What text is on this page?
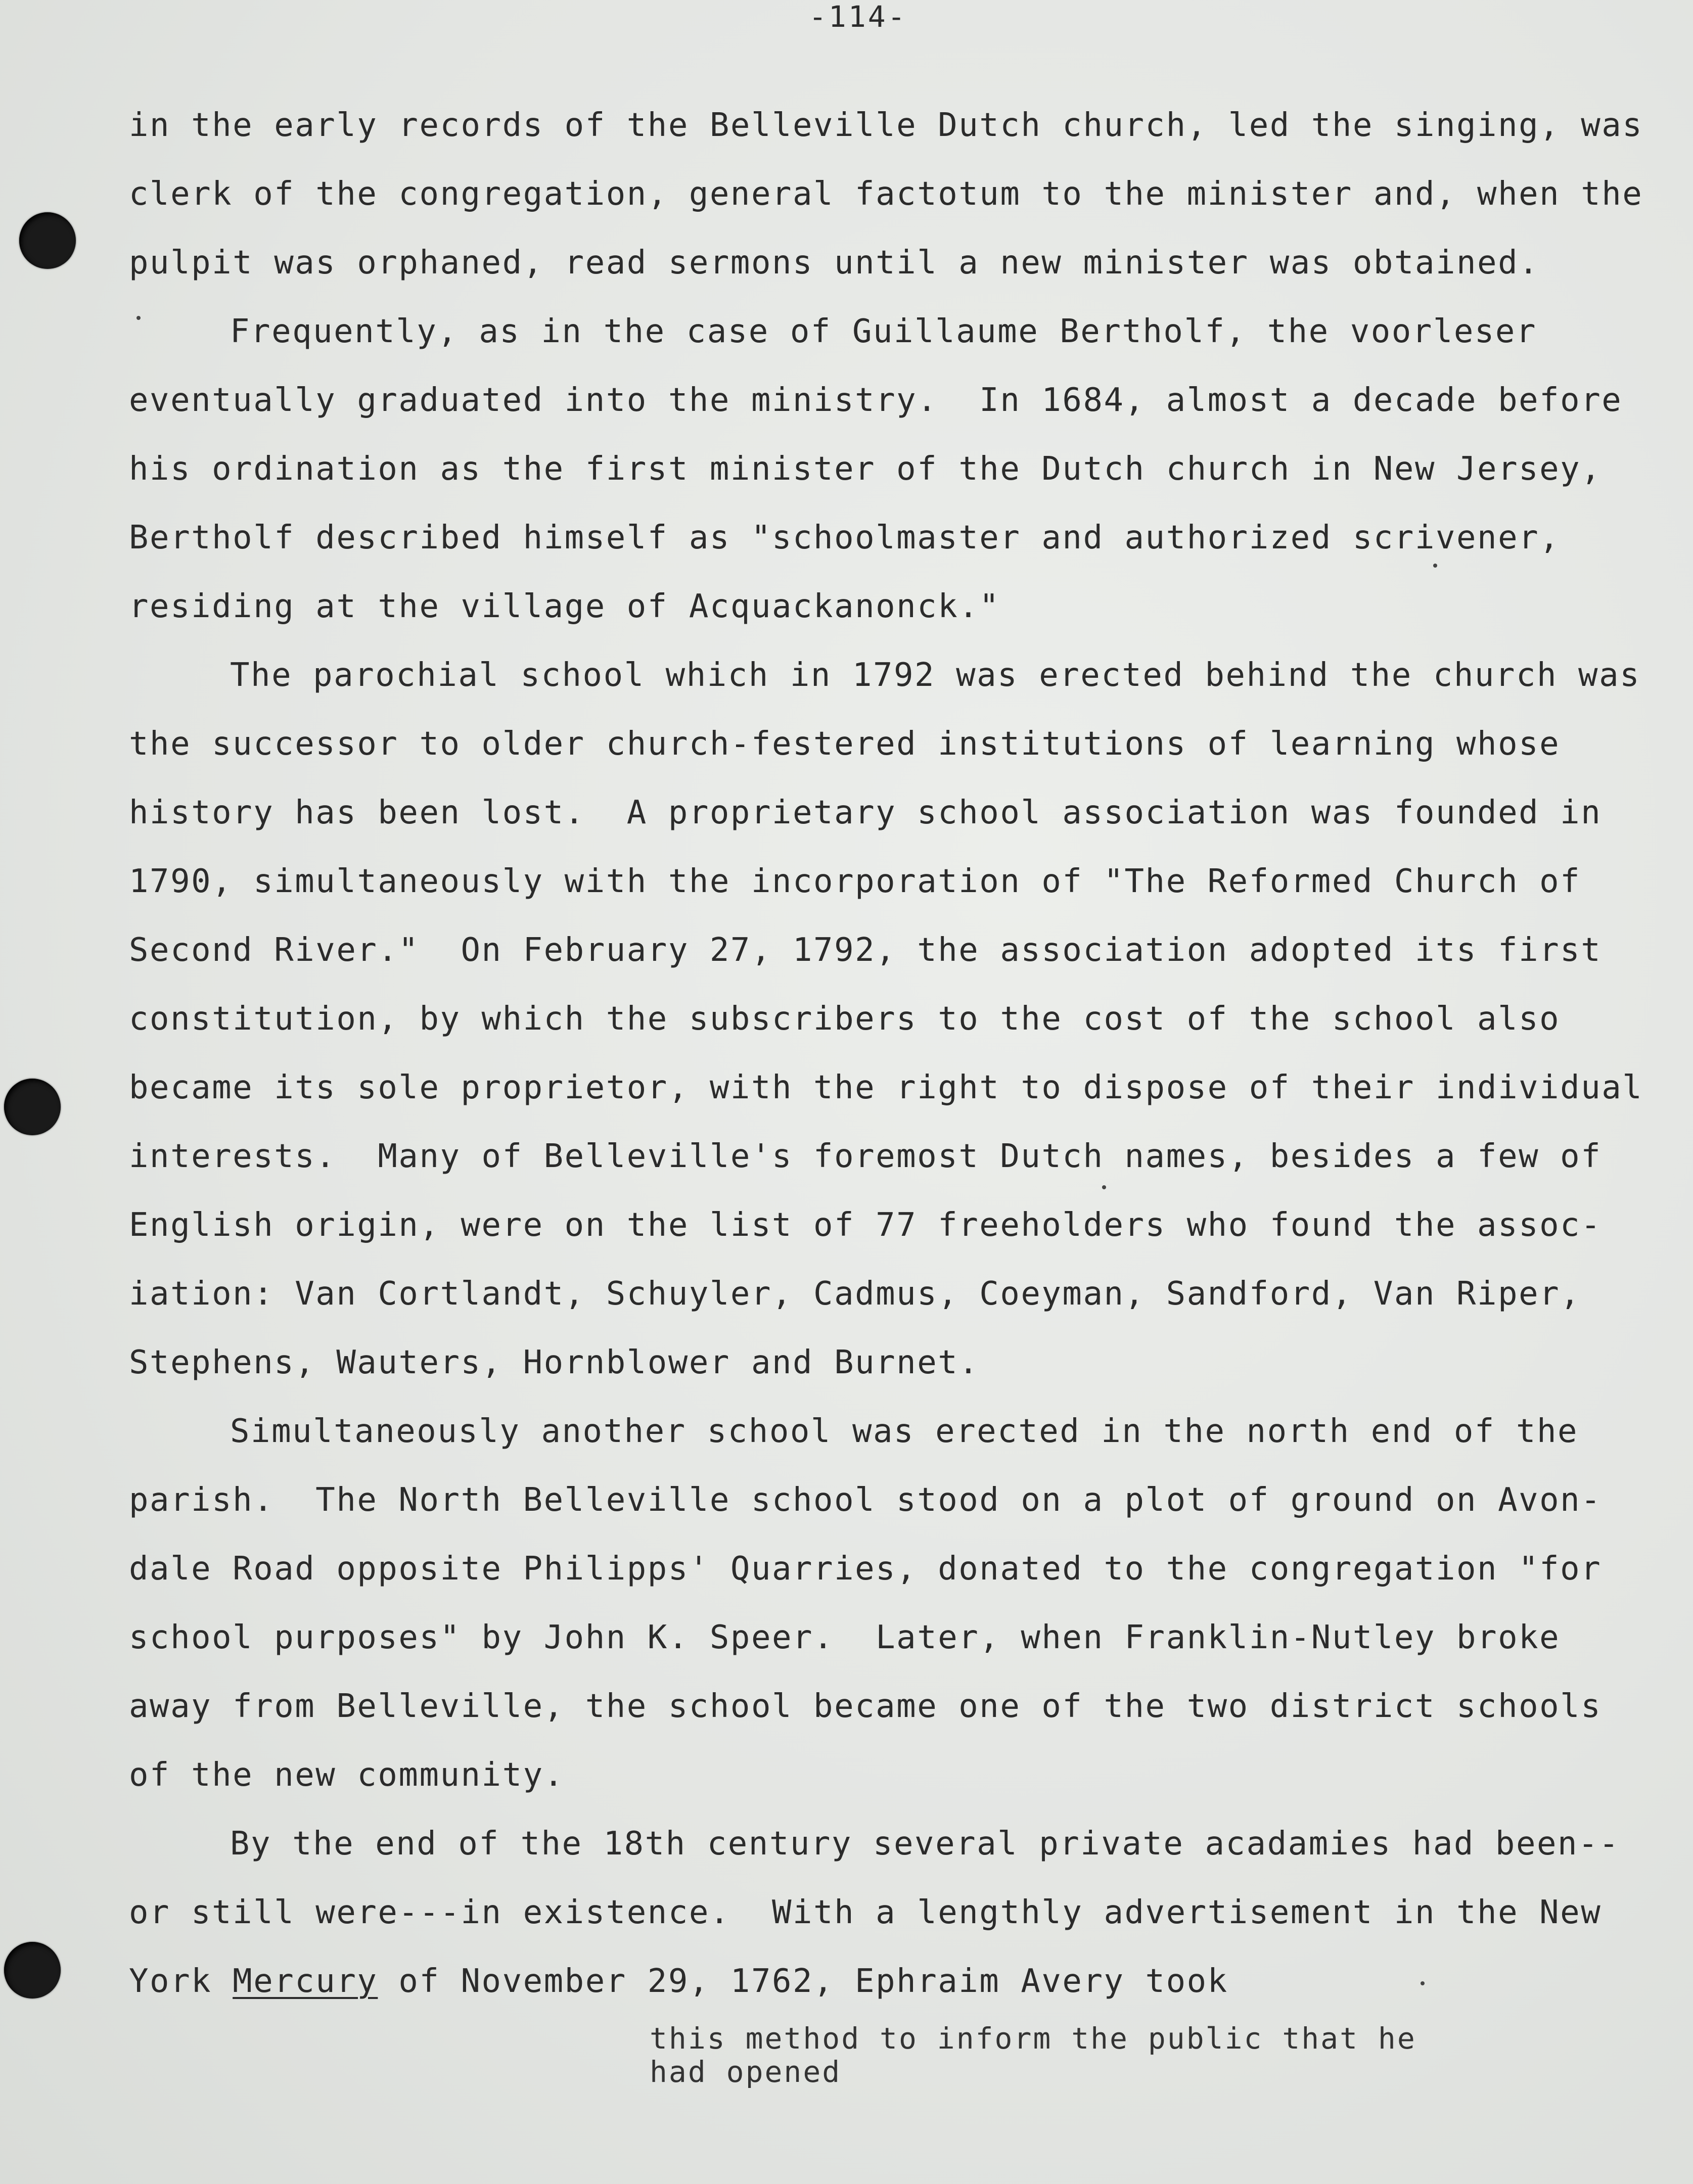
-114-
in the early records of the Belleville Dutch church, led the singing, was
clerk of the congregation, general factotum to the minister and, when the
pulpit was orphaned, read sermons until a new minister was obtained.
Frequently, as in the case of Guillaume Bertholf, the voorleser
eventually graduated into the ministry.  In 1684, almost a decade before
his ordination as the first minister of the Dutch church in New Jersey,
Bertholf described himself as "schoolmaster and authorized scrivener,
residing at the village of Acquackanonck."
The parochial school which in 1792 was erected behind the church was
the successor to older church-festered institutions of learning whose
history has been lost.  A proprietary school association was founded in
1790, simultaneously with the incorporation of "The Reformed Church of
Second River."  On February 27, 1792, the association adopted its first
constitution, by which the subscribers to the cost of the school also
became its sole proprietor, with the right to dispose of their individual
interests.  Many of Belleville's foremost Dutch names, besides a few of
English origin, were on the list of 77 freeholders who found the assoc-
iation: Van Cortlandt, Schuyler, Cadmus, Coeyman, Sandford, Van Riper,
Stephens, Wauters, Hornblower and Burnet.
Simultaneously another school was erected in the north end of the
parish.  The North Belleville school stood on a plot of ground on Avon-
dale Road opposite Philipps' Quarries, donated to the congregation "for
school purposes" by John K. Speer.  Later, when Franklin-Nutley broke
away from Belleville, the school became one of the two district schools
of the new community.
By the end of the 18th century several private acadamies had been--
or still were---in existence.  With a lengthly advertisement in the New
York Mercury of November 29, 1762, Ephraim Avery took
this method to inform the public that he
had opened
